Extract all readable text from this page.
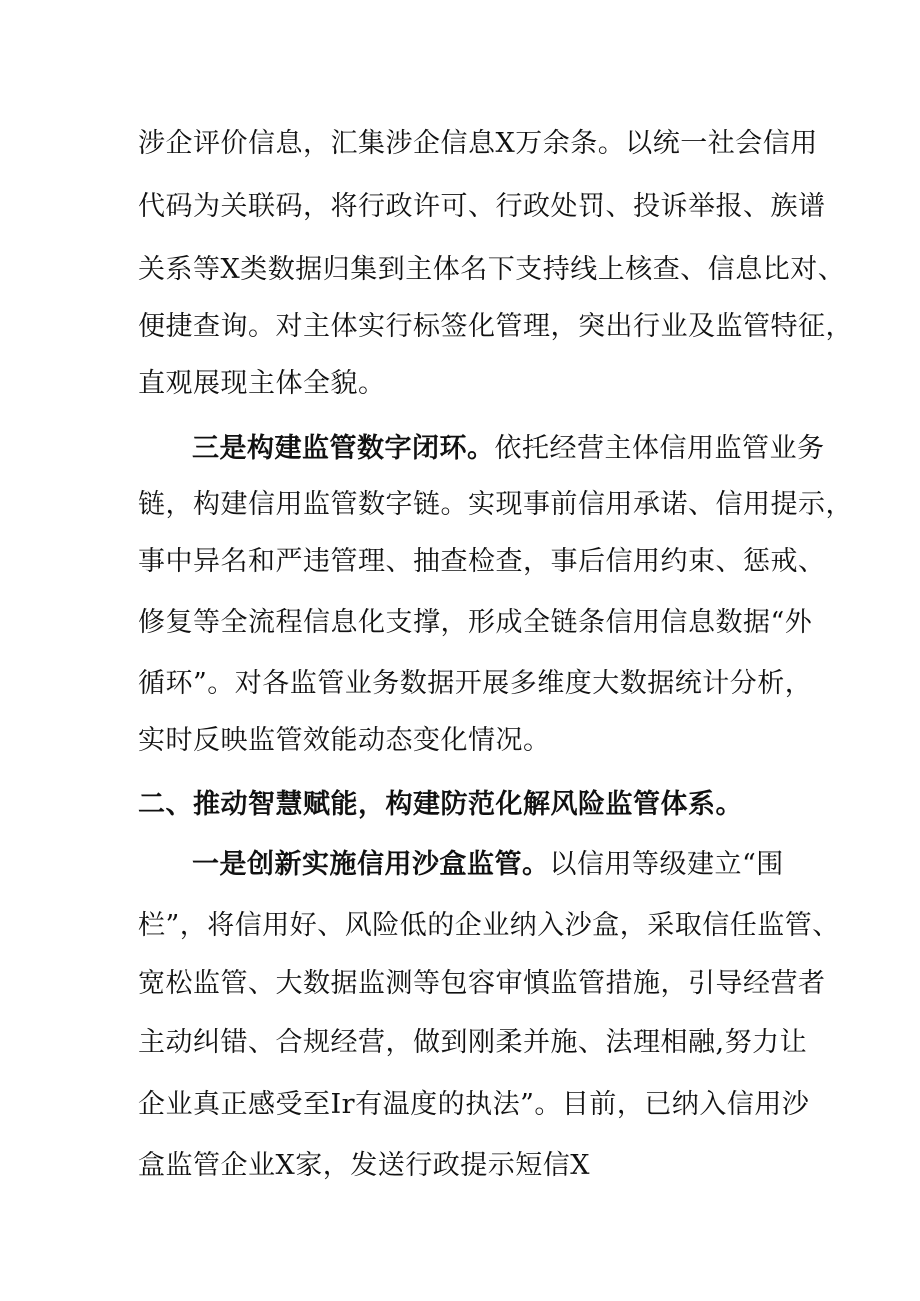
涉企评价信息，汇集涉企信息X万余条。以统一社会信用
代码为关联码，将行政许可、行政处罚、投诉举报、族谱
关系等X类数据归集到主体名下支持线上核查、信息比对、
便捷查询。对主体实行标签化管理，突出行业及监管特征，
直观展现主体全貌。
三是构建监管数字闭环。依托经营主体信用监管业务
链，构建信用监管数字链。实现事前信用承诺、信用提示，
事中异名和严违管理、抽查检查，事后信用约束、惩戒、
修复等全流程信息化支撑，形成全链条信用信息数据“外
循环”。对各监管业务数据开展多维度大数据统计分析，
实时反映监管效能动态变化情况。
二、推动智慧赋能，构建防范化解风险监管体系。
一是创新实施信用沙盒监管。以信用等级建立“围
栏”，将信用好、风险低的企业纳入沙盒，采取信任监管、
宽松监管、大数据监测等包容审慎监管措施，引导经营者
主动纠错、合规经营，做到刚柔并施、法理相融,努力让
企业真正感受至Ir有温度的执法”。目前，已纳入信用沙
盒监管企业X家，发送行政提示短信X
